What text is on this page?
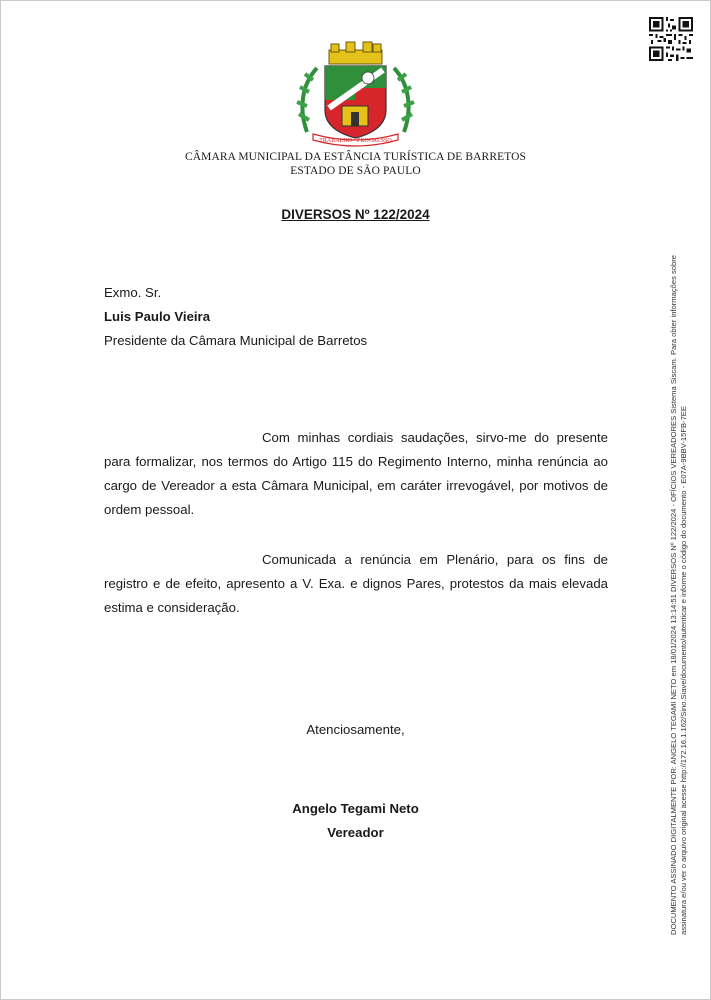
TRABALHO • PROGRESSO
CÂMARA MUNICIPAL DA ESTÂNCIA TURÍSTICA DE BARRETOS
ESTADO DE SÃO PAULO
DIVERSOS Nº 122/2024
Exmo. Sr.
Luis Paulo Vieira
Presidente da Câmara Municipal de Barretos

Com minhas cordiais saudações, sirvo-me do presente para formalizar, nos termos do Artigo 115 do Regimento Interno, minha renúncia ao cargo de Vereador a esta Câmara Municipal, em caráter irrevogável, por motivos de ordem pessoal.

Comunicada a renúncia em Plenário, para os fins de registro e de efeito, apresento a V. Exa. e dignos Pares, protestos da mais elevada estima e consideração.

Atenciosamente,
Angelo Tegami Neto
Vereador	DOCUMENTO ASSINADO DIGITALMENTE POR: ANGELO TEGAMI NETO em 18/01/2024 13:14:51 DIVERSOS Nº 122/2024 - OFÍCIOS VEREADORES Sistema Siscam. Para obter informações sobre assinatura e/ou ver o arquivo original acesse http://172.16.1.162/Sino.Siave/documento/autenticar e informe o código do documento - E07A-9BBV-15FB-7EE
